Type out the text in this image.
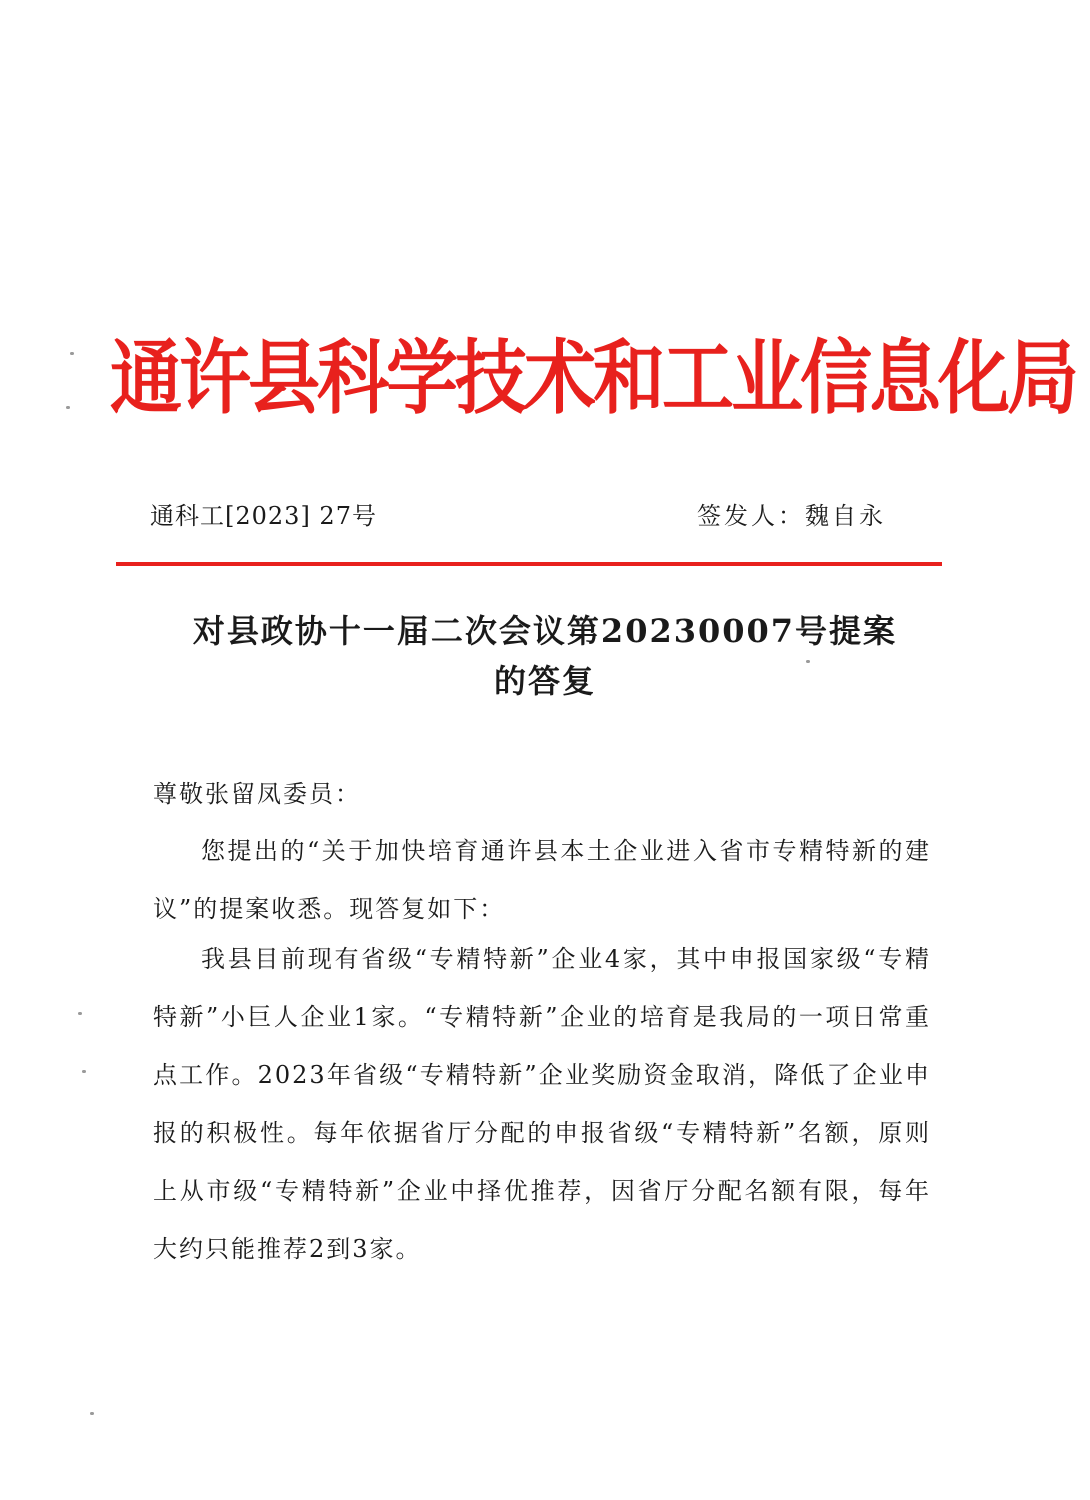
通许县科学技术和工业信息化局
通科工[2023] 27号	签发人：魏自永
对县政协十一届二次会议第20230007号提案
的答复
尊敬张留凤委员：

您提出的“关于加快培育通许县本土企业进入省市专精特新的建议”的提案收悉。现答复如下：

我县目前现有省级“专精特新”企业4家，其中申报国家级“专精特新”小巨人企业1家。“专精特新”企业的培育是我局的一项日常重点工作。2023年省级“专精特新”企业奖励资金取消，降低了企业申报的积极性。每年依据省厅分配的申报省级“专精特新”名额，原则上从市级“专精特新”企业中择优推荐，因省厅分配名额有限，每年大约只能推荐2到3家。
